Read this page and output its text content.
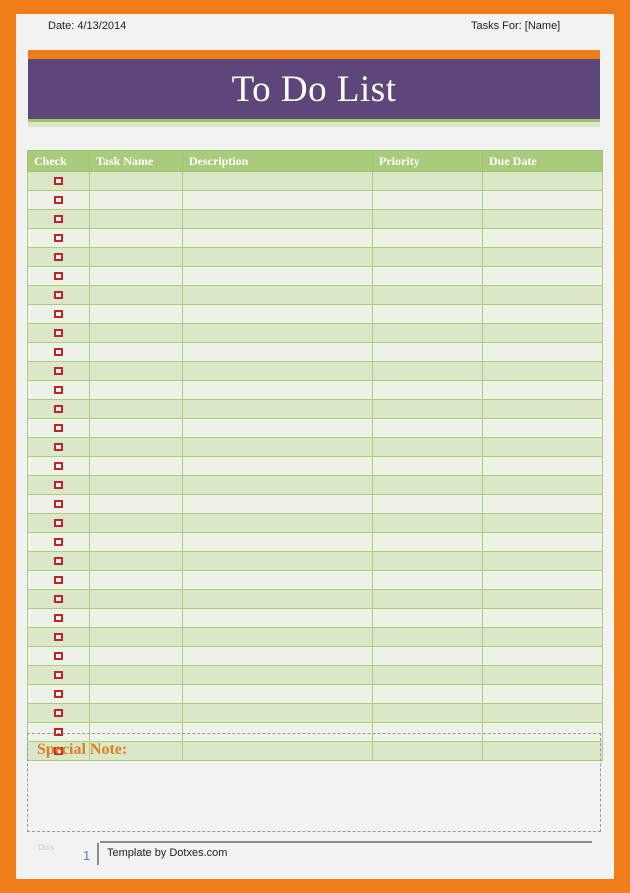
Date: 4/13/2014	Tasks For: [Name]
To Do List
Check	Task Name	Description	Priority	Due Date

Special Note:
Dtxs
1 Template by Dotxes.com
